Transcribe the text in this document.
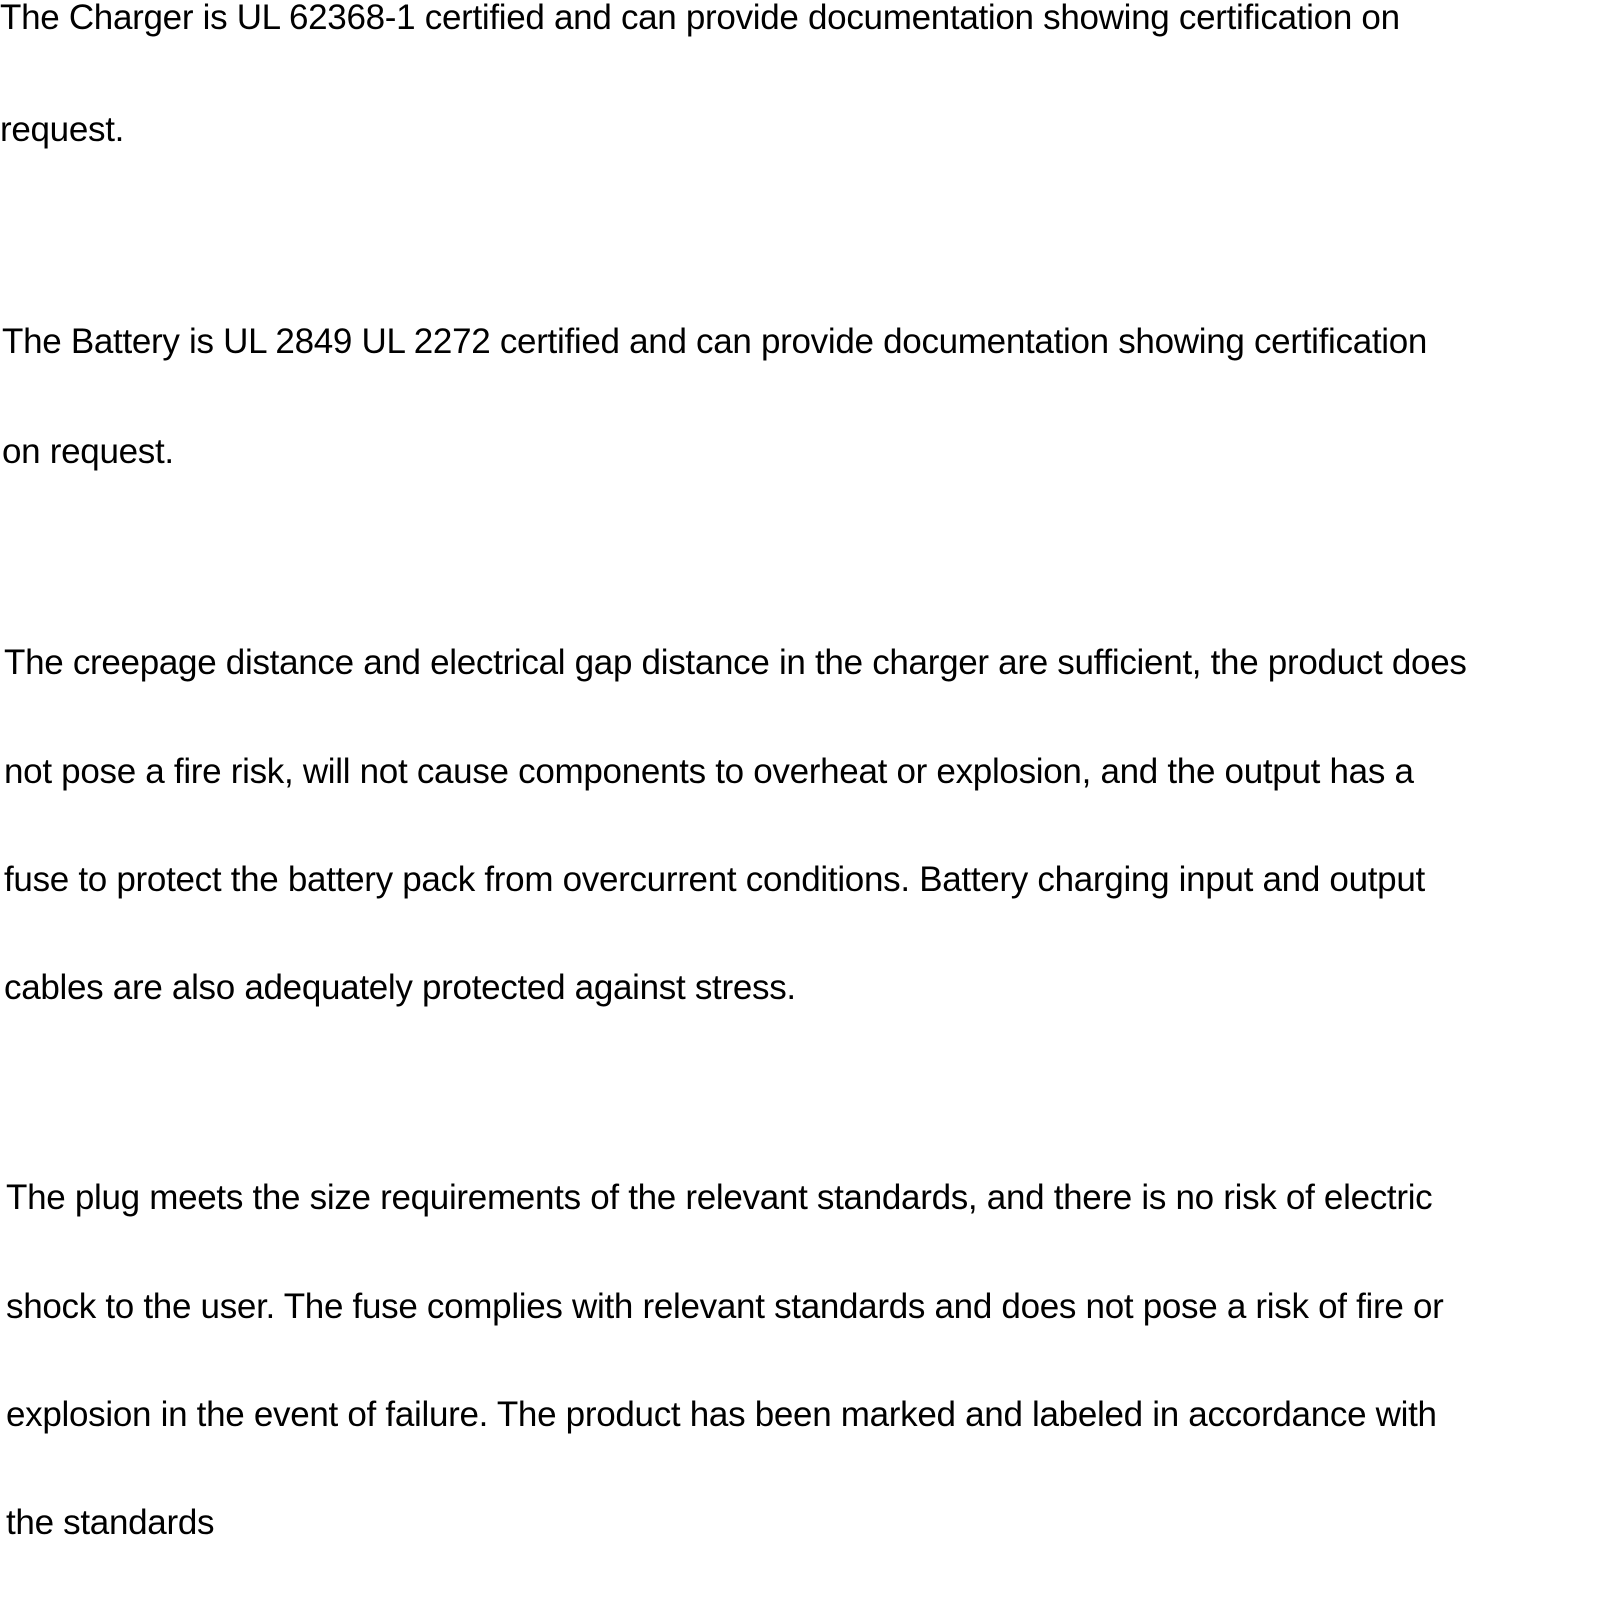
The Charger is UL 62368-1 certified and can provide documentation showing certification on

request.

The Battery is UL 2849 UL 2272 certified and can provide documentation showing certification

on request.

The creepage distance and electrical gap distance in the charger are sufficient, the product does

not pose a fire risk, will not cause components to overheat or explosion, and the output has a

fuse to protect the battery pack from overcurrent conditions. Battery charging input and output

cables are also adequately protected against stress.

The plug meets the size requirements of the relevant standards, and there is no risk of electric

shock to the user. The fuse complies with relevant standards and does not pose a risk of fire or

explosion in the event of failure. The product has been marked and labeled in accordance with

the standards
